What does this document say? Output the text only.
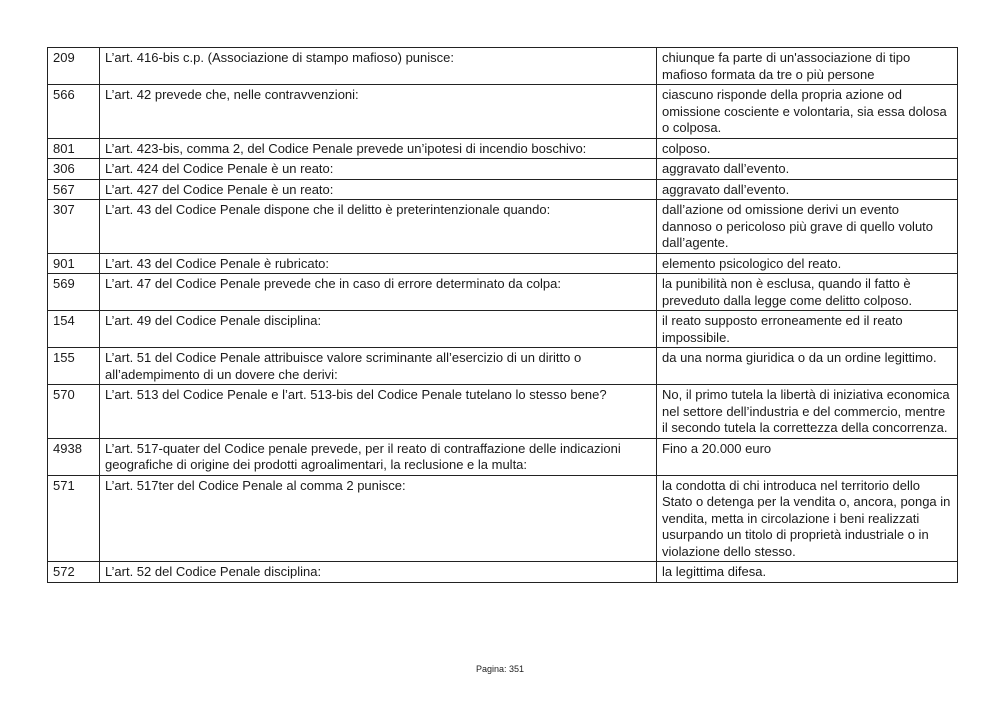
209	L’art. 416-bis c.p. (Associazione di stampo mafioso) punisce:	chiunque fa parte di un'associazione di tipo mafioso formata da tre o più persone
566	L’art. 42 prevede che, nelle contravvenzioni:	ciascuno risponde della propria azione od omissione cosciente e volontaria, sia essa dolosa o colposa.
801	L’art. 423-bis, comma 2, del Codice Penale prevede un’ipotesi di incendio boschivo:	colposo.
306	L’art. 424 del Codice Penale è un reato:	aggravato dall’evento.
567	L’art. 427 del Codice Penale è un reato:	aggravato dall’evento.
307	L’art. 43 del Codice Penale dispone che il delitto è preterintenzionale quando:	dall’azione od omissione derivi un evento dannoso o pericoloso più grave di quello voluto dall’agente.
901	L’art. 43 del Codice Penale è rubricato:	elemento psicologico del reato.
569	L’art. 47 del Codice Penale prevede che in caso di errore determinato da colpa:	la punibilità non è esclusa, quando il fatto è preveduto dalla legge come delitto colposo.
154	L’art. 49 del Codice Penale disciplina:	il reato supposto erroneamente ed il reato impossibile.
155	L’art. 51 del Codice Penale attribuisce valore scriminante all’esercizio di un diritto o all’adempimento di un dovere che derivi:	da una norma giuridica o da un ordine legittimo.
570	L’art. 513 del Codice Penale e l’art. 513-bis del Codice Penale tutelano lo stesso bene?	No, il primo tutela la libertà di iniziativa economica nel settore dell’industria e del commercio, mentre il secondo tutela la correttezza della concorrenza.
4938	L’art. 517-quater del Codice penale prevede, per il reato di contraffazione delle indicazioni geografiche di origine dei prodotti agroalimentari, la reclusione e la multa:	Fino a 20.000 euro
571	L’art. 517ter del Codice Penale al comma 2 punisce:	la condotta di chi introduca nel territorio dello Stato o detenga per la vendita o, ancora, ponga in vendita, metta in circolazione i beni realizzati usurpando un titolo di proprietà industriale o in violazione dello stesso.
572	L’art. 52 del Codice Penale disciplina:	la legittima difesa.
Pagina: 351
